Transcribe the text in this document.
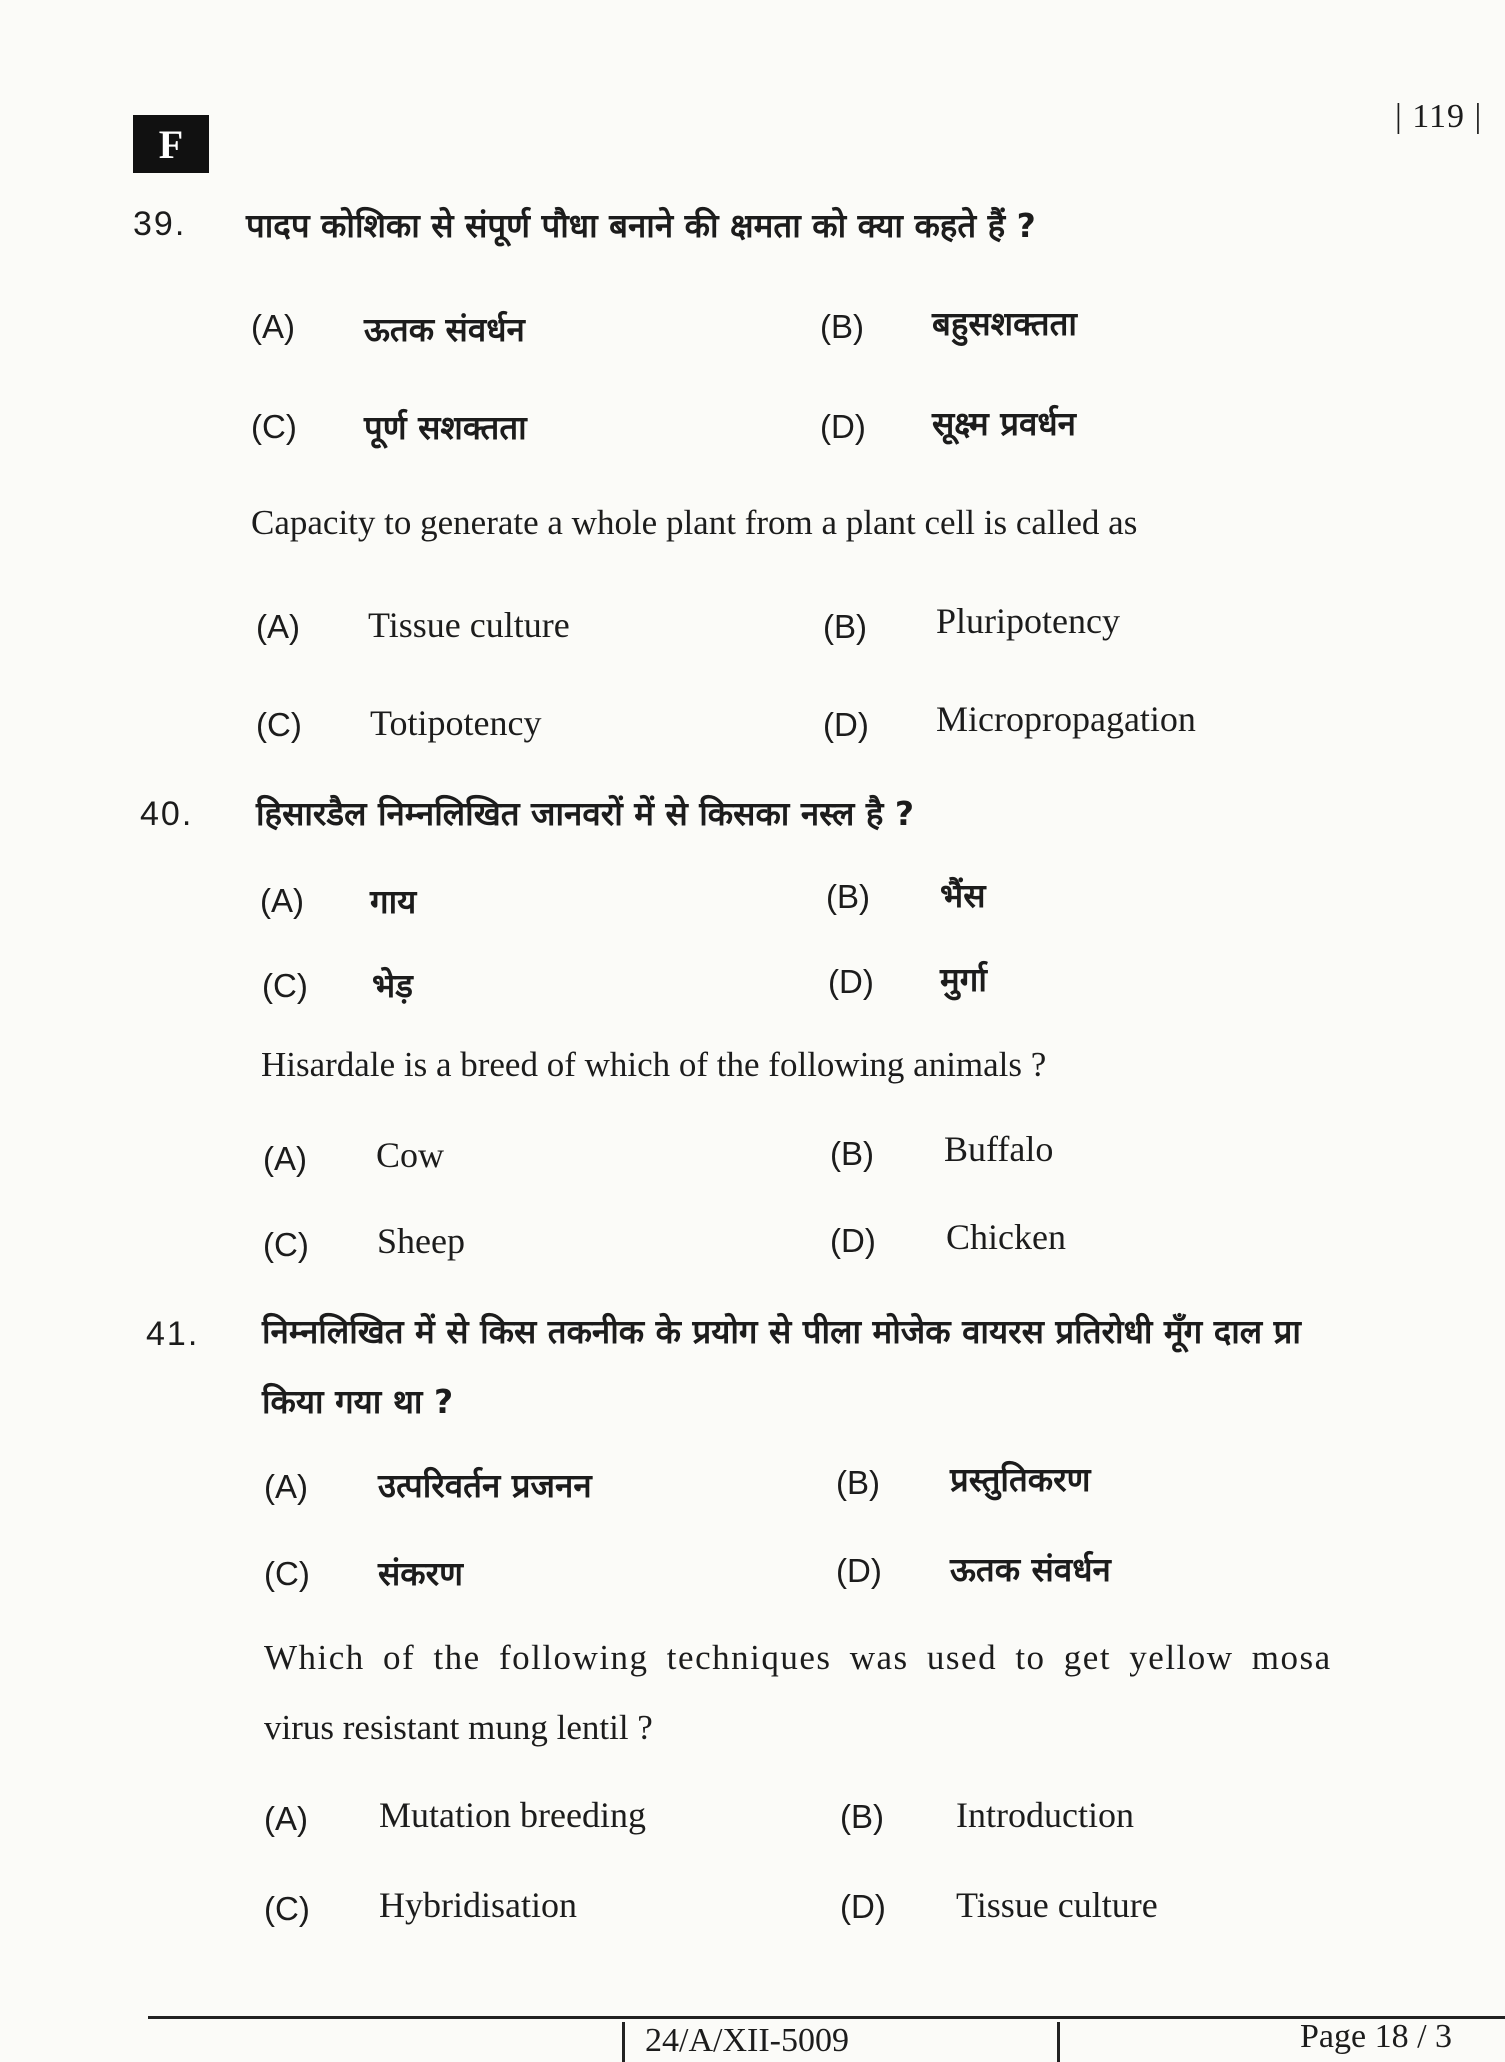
F
| 119 |
39. पादप कोशिका से संपूर्ण पौधा बनाने की क्षमता को क्या कहते हैं ?
(A) ऊतक संवर्धन	(B) बहुसशक्तता
(C) पूर्ण सशक्तता	(D) सूक्ष्म प्रवर्धन
Capacity to generate a whole plant from a plant cell is called as
(A) Tissue culture	(B) Pluripotency
(C) Totipotency	(D) Micropropagation
40. हिसारडैल निम्नलिखित जानवरों में से किसका नस्ल है ?
(A) गाय	(B) भैंस
(C) भेड़	(D) मुर्गा
Hisardale is a breed of which of the following animals ?
(A) Cow	(B) Buffalo
(C) Sheep	(D) Chicken
41. निम्नलिखित में से किस तकनीक के प्रयोग से पीला मोजेक वायरस प्रतिरोधी मूँग दाल प्रा
किया गया था ?
(A) उत्परिवर्तन प्रजनन	(B) प्रस्तुतिकरण
(C) संकरण	(D) ऊतक संवर्धन
Which of the following techniques was used to get yellow mosa
virus resistant mung lentil ?
(A) Mutation breeding	(B) Introduction
(C) Hybridisation	(D) Tissue culture
24/A/XII-5009	Page 18 / 3
